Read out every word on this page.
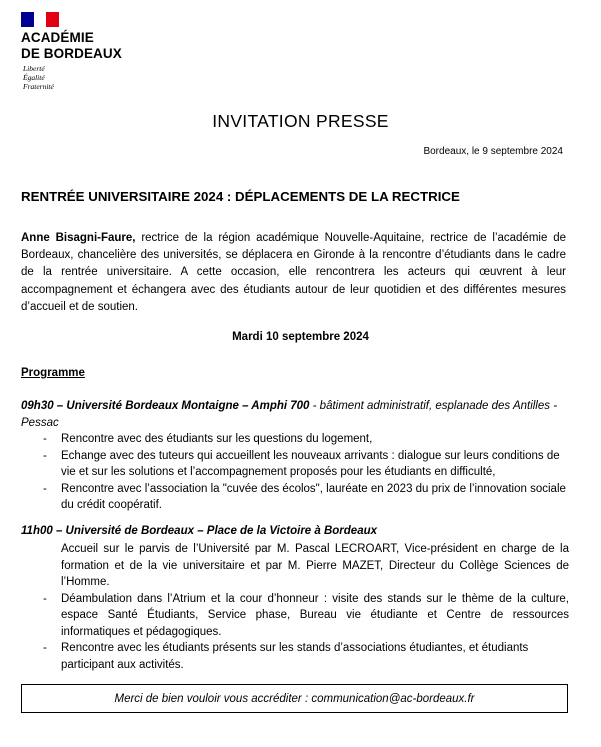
ACADÉMIE
DE BORDEAUX
Liberté
Égalité
Fraternité
INVITATION PRESSE
Bordeaux, le 9 septembre 2024
RENTRÉE UNIVERSITAIRE 2024 : DÉPLACEMENTS DE LA RECTRICE
Anne Bisagni-Faure, rectrice de la région académique Nouvelle-Aquitaine, rectrice de l’académie de Bordeaux, chancelière des universités, se déplacera en Gironde à la rencontre d’étudiants dans le cadre de la rentrée universitaire. A cette occasion, elle rencontrera les acteurs qui œuvrent à leur accompagnement et échangera avec des étudiants autour de leur quotidien et des différentes mesures d’accueil et de soutien.
Mardi 10 septembre 2024
Programme
09h30 – Université Bordeaux Montaigne – Amphi 700 - bâtiment administratif, esplanade des Antilles - Pessac
- Rencontre avec des étudiants sur les questions du logement,
- Echange avec des tuteurs qui accueillent les nouveaux arrivants : dialogue sur leurs conditions de vie et sur les solutions et l’accompagnement proposés pour les étudiants en difficulté,
- Rencontre avec l’association la "cuvée des écolos", lauréate en 2023 du prix de l’innovation sociale du crédit coopératif.
11h00 – Université de Bordeaux – Place de la Victoire à Bordeaux
Accueil sur le parvis de l’Université par M. Pascal LECROART, Vice-président en charge de la formation et de la vie universitaire et par M. Pierre MAZET, Directeur du Collège Sciences de l’Homme.
- Déambulation dans l’Atrium et la cour d’honneur : visite des stands sur le thème de la culture, espace Santé Étudiants, Service phase, Bureau vie étudiante et Centre de ressources informatiques et pédagogiques.
- Rencontre avec les étudiants présents sur les stands d’associations étudiantes, et étudiants participant aux activités.
Merci de bien vouloir vous accréditer : communication@ac-bordeaux.fr
